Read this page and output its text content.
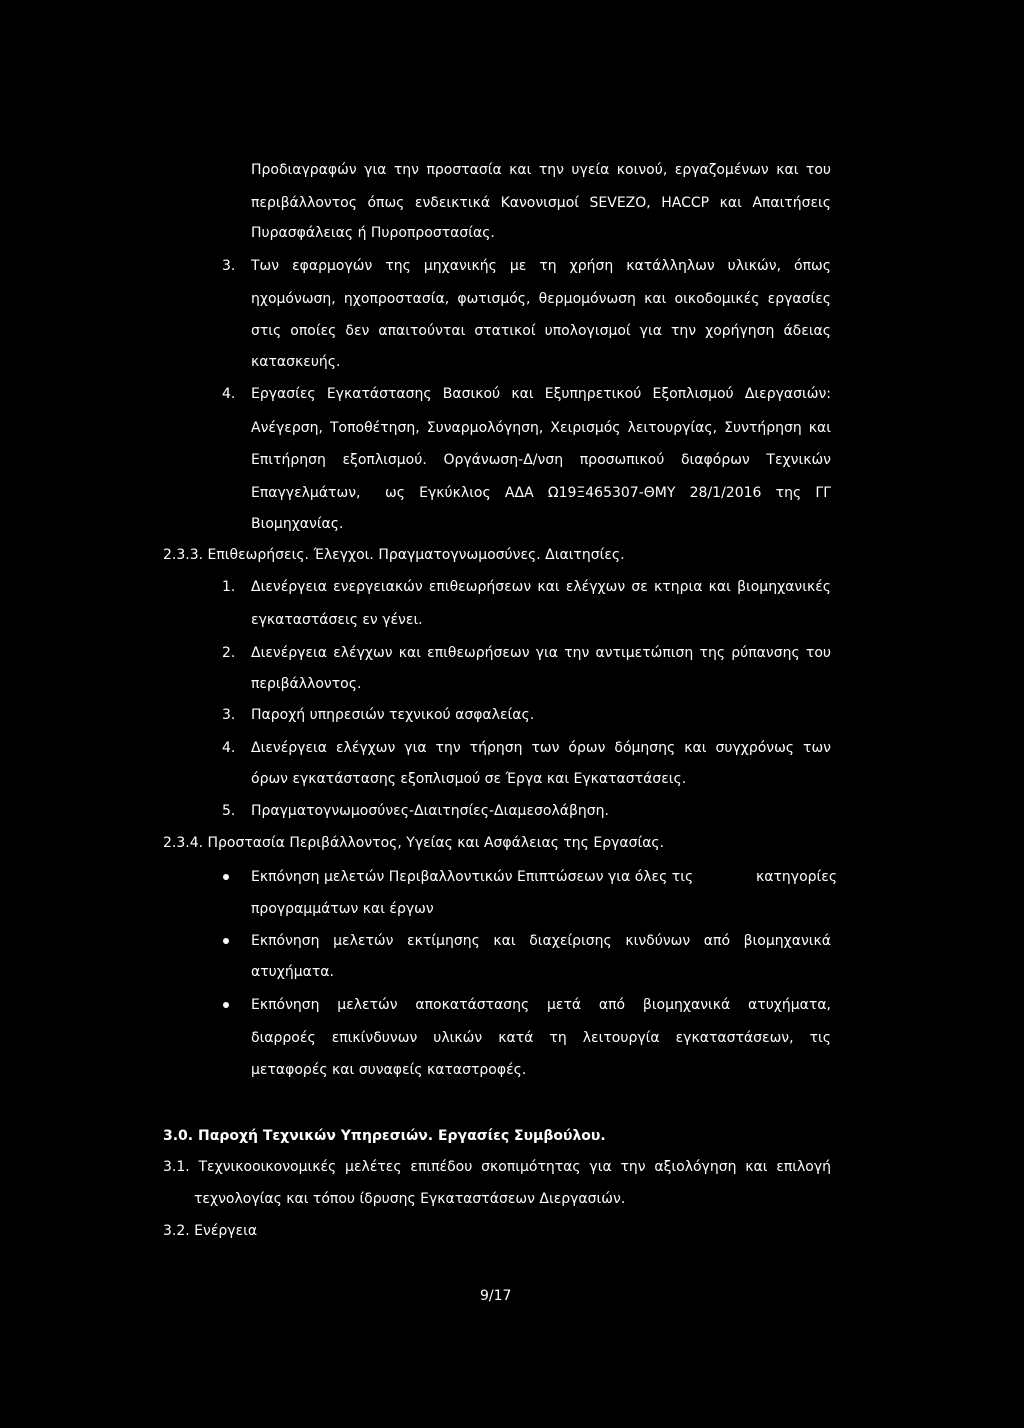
Προδιαγραφών για την προστασία και την υγεία κοινού, εργαζομένων και του

περιβάλλοντος όπως ενδεικτικά Κανονισμοί SEVEZO, HACCP και Απαιτήσεις

Πυρασφάλειας ή Πυροπροστασίας.

3. Των εφαρμογών της μηχανικής με τη χρήση κατάλληλων υλικών, όπως

ηχομόνωση, ηχοπροστασία, φωτισμός, θερμομόνωση και οικοδομικές εργασίες

στις οποίες δεν απαιτούνται στατικοί υπολογισμοί για την χορήγηση άδειας

κατασκευής.

4. Εργασίες Εγκατάστασης Βασικού και Εξυπηρετικού Εξοπλισμού Διεργασιών:

Ανέγερση, Τοποθέτηση, Συναρμολόγηση, Χειρισμός λειτουργίας, Συντήρηση και

Επιτήρηση εξοπλισμού. Οργάνωση-Δ/νση προσωπικού διαφόρων Τεχνικών

Επαγγελμάτων, ως Εγκύκλιος ΑΔΑ Ω19Ξ465307-ΘΜΥ 28/1/2016 της ΓΓ

Βιομηχανίας.

2.3.3. Επιθεωρήσεις. Έλεγχοι. Πραγματογνωμοσύνες. Διαιτησίες.

1. Διενέργεια ενεργειακών επιθεωρήσεων και ελέγχων σε κτηρια και βιομηχανικές

εγκαταστάσεις εν γένει.

2. Διενέργεια ελέγχων και επιθεωρήσεων για την αντιμετώπιση της ρύπανσης του

περιβάλλοντος.

3. Παροχή υπηρεσιών τεχνικού ασφαλείας.

4. Διενέργεια ελέγχων για την τήρηση των όρων δόμησης και συγχρόνως των

όρων εγκατάστασης εξοπλισμού σε Έργα και Εγκαταστάσεις.

5. Πραγματογνωμοσύνες-Διαιτησίες-Διαμεσολάβηση.

2.3.4. Προστασία Περιβάλλοντος, Υγείας και Ασφάλειας της Εργασίας.

Εκπόνηση μελετών Περιβαλλοντικών Επιπτώσεων για όλες τις	κατηγορίες

προγραμμάτων και έργων

Εκπόνηση μελετών εκτίμησης και διαχείρισης κινδύνων από βιομηχανικά

ατυχήματα.

Εκπόνηση μελετών αποκατάστασης μετά από βιομηχανικά ατυχήματα,

διαρροές επικίνδυνων υλικών κατά τη λειτουργία εγκαταστάσεων, τις

μεταφορές και συναφείς καταστροφές.

3.0. Παροχή Τεχνικών Υπηρεσιών. Εργασίες Συμβούλου.

3.1. Τεχνικοοικονομικές μελέτες επιπέδου σκοπιμότητας για την αξιολόγηση και επιλογή

τεχνολογίας και τόπου ίδρυσης Εγκαταστάσεων Διεργασιών.

3.2. Ενέργεια

9/17
